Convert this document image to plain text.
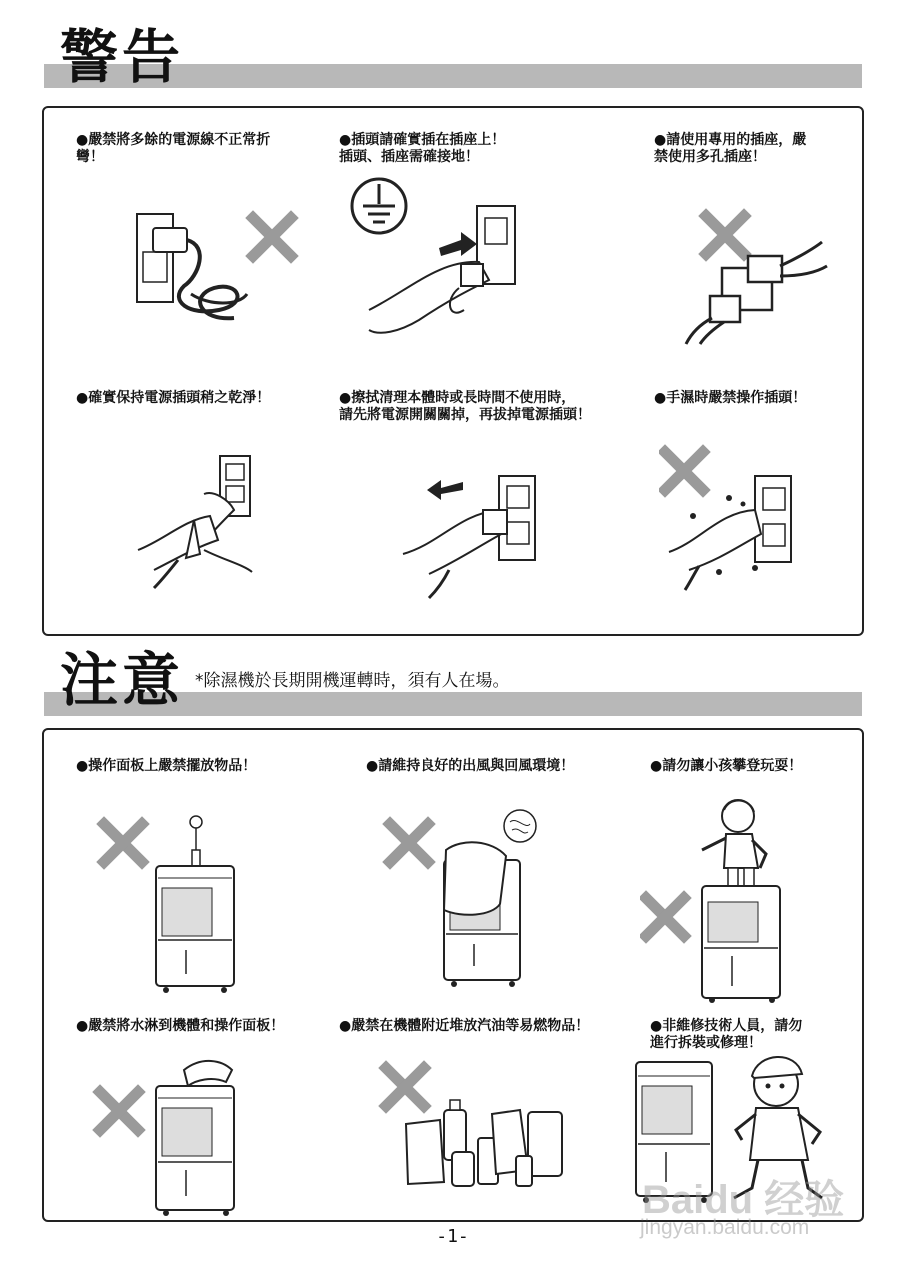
警告
●嚴禁將多餘的電源線不正常折
彎！
●插頭請確實插在插座上！
插頭、插座需確接地！
●請使用專用的插座，嚴
禁使用多孔插座！
●確實保持電源插頭稍之乾淨！	●擦拭清理本體時或長時間不使用時，
請先將電源開關關掉，再拔掉電源插頭！
●手濕時嚴禁操作插頭！
注意 *除濕機於長期開機運轉時，須有人在場。
●操作面板上嚴禁擺放物品！	●請維持良好的出風與回風環境！	●請勿讓小孩攀登玩耍！
●嚴禁將水淋到機體和操作面板！	●嚴禁在機體附近堆放汽油等易燃物品！	●非維修技術人員，請勿
進行拆裝或修理！
-1-
Baidu 经验
jingyan.baidu.com
